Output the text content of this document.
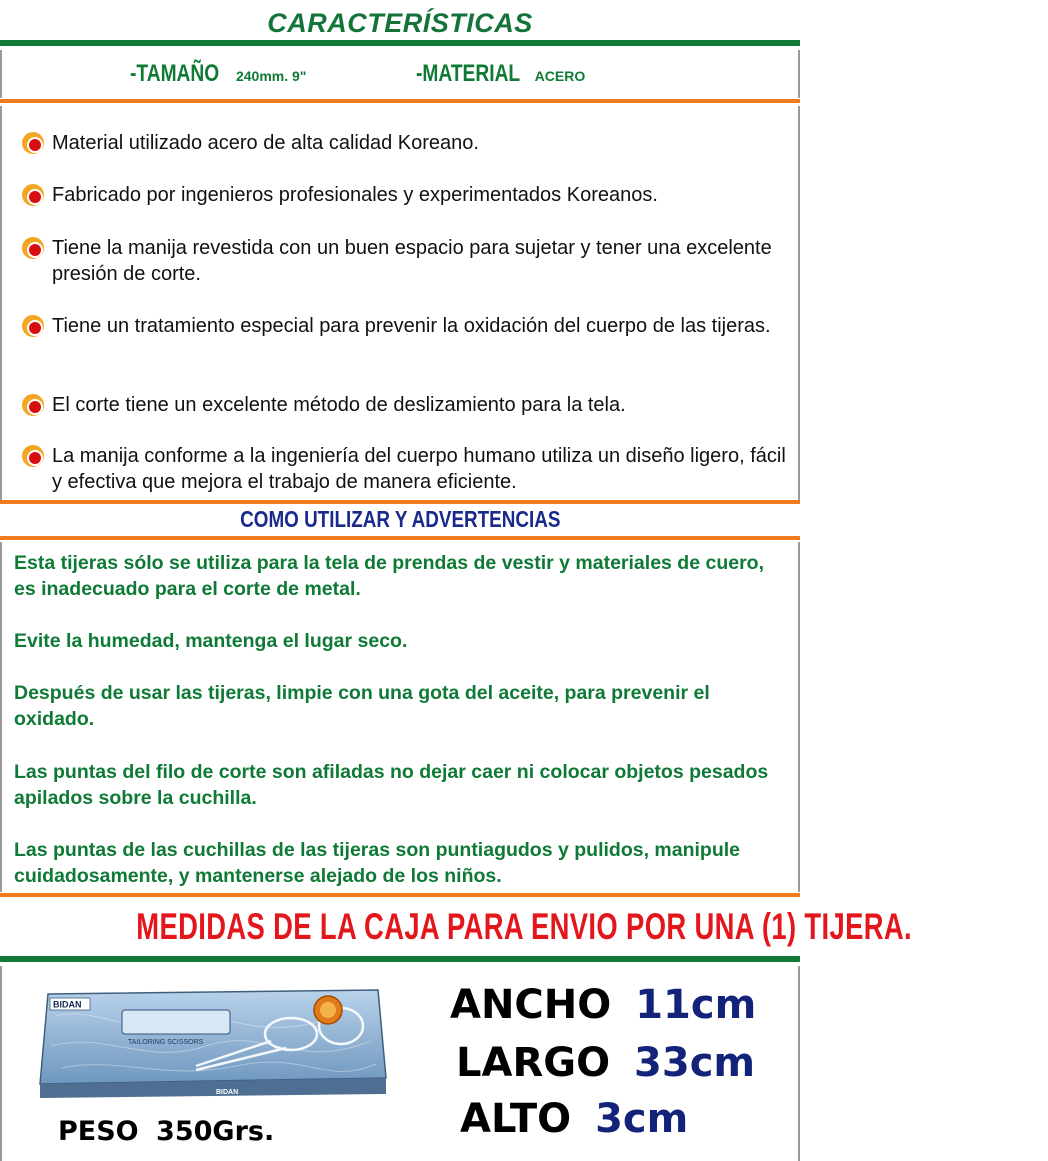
CARACTERÍSTICAS
-TAMAÑO 240mm. 9"	-MATERIAL ACERO
Material utilizado acero de alta calidad Koreano.
Fabricado por ingenieros profesionales y experimentados Koreanos.
Tiene la manija revestida con un buen espacio para sujetar y tener una excelente presión de corte.
Tiene un tratamiento especial para prevenir la oxidación del cuerpo de las tijeras.
El corte tiene un excelente método de deslizamiento para la tela.
La manija conforme a la ingeniería del cuerpo humano utiliza un diseño ligero, fácil y efectiva que mejora el trabajo de manera eficiente.
COMO UTILIZAR Y ADVERTENCIAS
Esta tijeras sólo se utiliza para la tela de prendas de vestir y materiales de cuero, es inadecuado para el corte de metal.
Evite la humedad, mantenga el lugar seco.
Después de usar las tijeras, limpie con una gota del aceite, para prevenir el oxidado.
Las puntas del filo de corte son afiladas no dejar caer ni colocar objetos pesados apilados sobre la cuchilla.
Las puntas de las cuchillas de las tijeras son puntiagudos y pulidos, manipule cuidadosamente, y mantenerse alejado de los niños.
MEDIDAS DE LA CAJA PARA ENVIO POR UNA (1) TIJERA.
BIDAN
TAILORING SCISSORS
BIDAN
ANCHO 11cm
LARGO 33cm
ALTO 3cm
PESO 350Grs.
